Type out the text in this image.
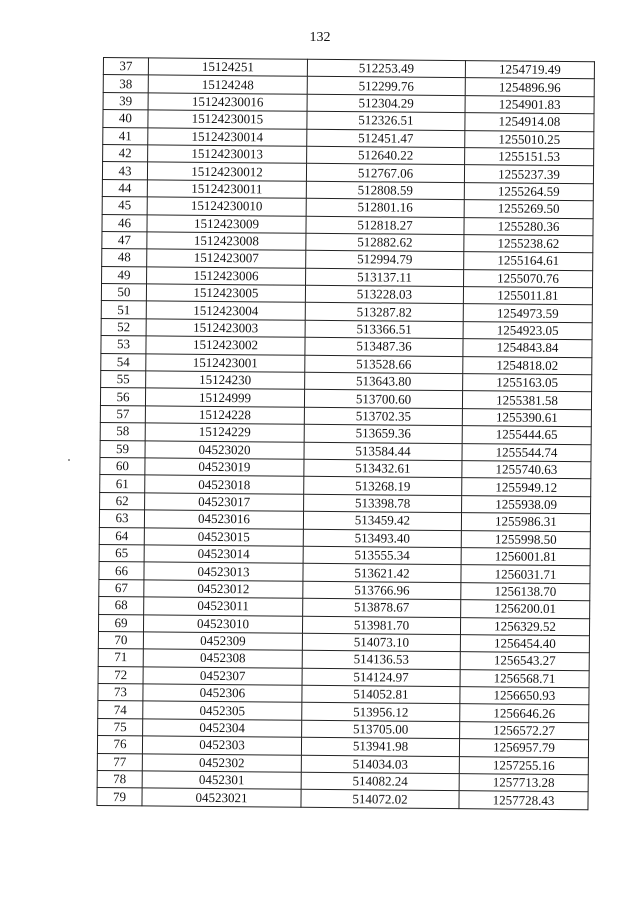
132
37	15124251	512253.49	1254719.49
38	15124248	512299.76	1254896.96
39	15124230016	512304.29	1254901.83
40	15124230015	512326.51	1254914.08
41	15124230014	512451.47	1255010.25
42	15124230013	512640.22	1255151.53
43	15124230012	512767.06	1255237.39
44	15124230011	512808.59	1255264.59
45	15124230010	512801.16	1255269.50
46	1512423009	512818.27	1255280.36
47	1512423008	512882.62	1255238.62
48	1512423007	512994.79	1255164.61
49	1512423006	513137.11	1255070.76
50	1512423005	513228.03	1255011.81
51	1512423004	513287.82	1254973.59
52	1512423003	513366.51	1254923.05
53	1512423002	513487.36	1254843.84
54	1512423001	513528.66	1254818.02
55	15124230	513643.80	1255163.05
56	15124999	513700.60	1255381.58
57	15124228	513702.35	1255390.61
58	15124229	513659.36	1255444.65
59	04523020	513584.44	1255544.74
60	04523019	513432.61	1255740.63
61	04523018	513268.19	1255949.12
62	04523017	513398.78	1255938.09
63	04523016	513459.42	1255986.31
64	04523015	513493.40	1255998.50
65	04523014	513555.34	1256001.81
66	04523013	513621.42	1256031.71
67	04523012	513766.96	1256138.70
68	04523011	513878.67	1256200.01
69	04523010	513981.70	1256329.52
70	0452309	514073.10	1256454.40
71	0452308	514136.53	1256543.27
72	0452307	514124.97	1256568.71
73	0452306	514052.81	1256650.93
74	0452305	513956.12	1256646.26
75	0452304	513705.00	1256572.27
76	0452303	513941.98	1256957.79
77	0452302	514034.03	1257255.16
78	0452301	514082.24	1257713.28
79	04523021	514072.02	1257728.43
